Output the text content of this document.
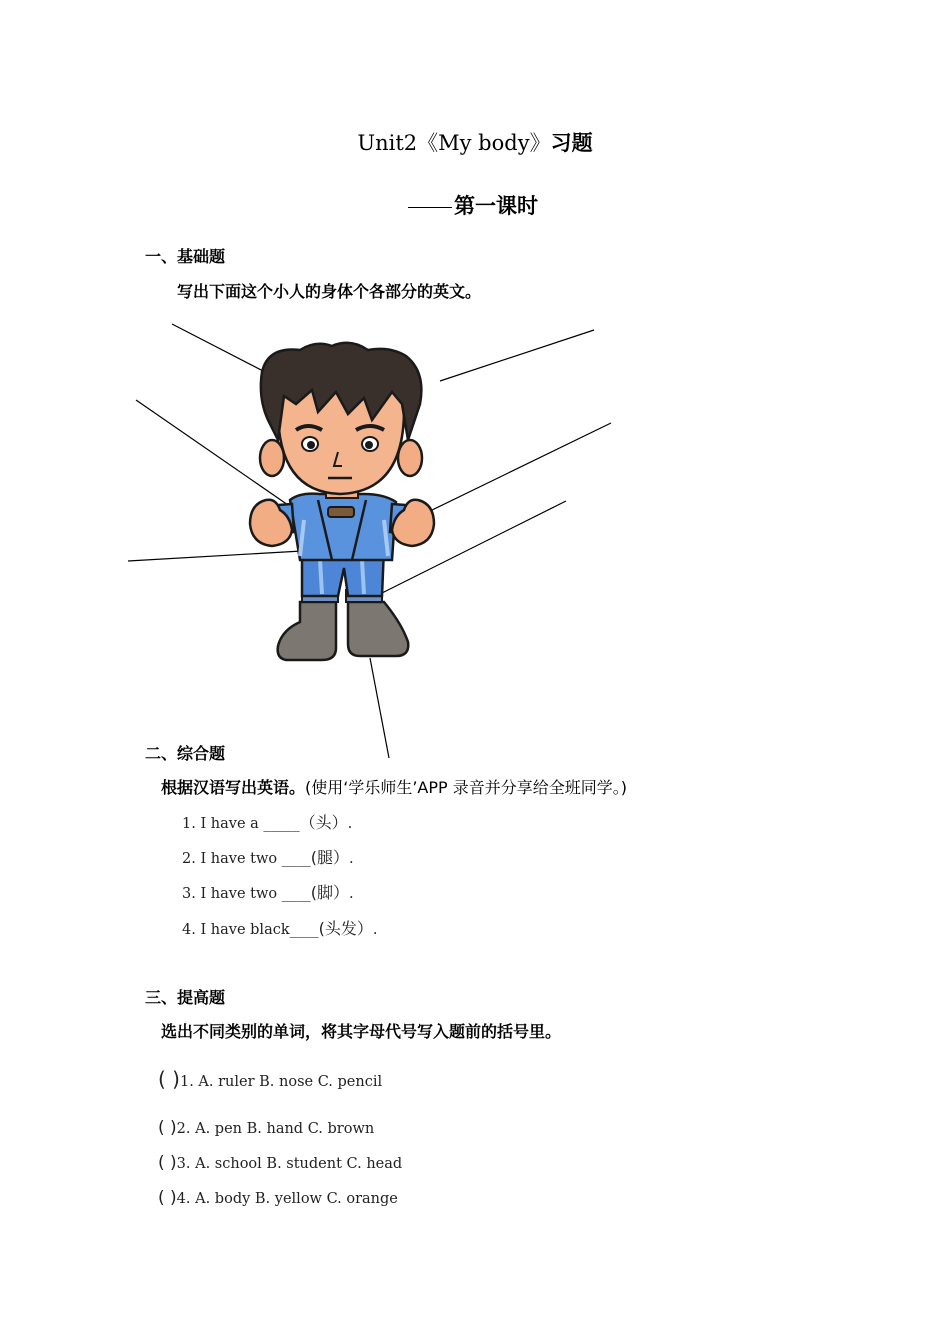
Unit2《My body》习题
第一课时
一、基础题
写出下面这个小人的身体个各部分的英文。
二、综合题
根据汉语写出英语。(使用‘学乐师生’APP 录音并分享给全班同学。)
1. I have a _____（头）.
2. I have two ____(腿）.
3. I have two ____(脚）.
4. I have black____(头发）.
三、提高题
选出不同类别的单词，将其字母代号写入题前的括号里。
( )1. A. ruler B. nose C. pencil
( )2. A. pen B. hand C. brown
( )3. A. school B. student C. head
( )4. A. body B. yellow C. orange
